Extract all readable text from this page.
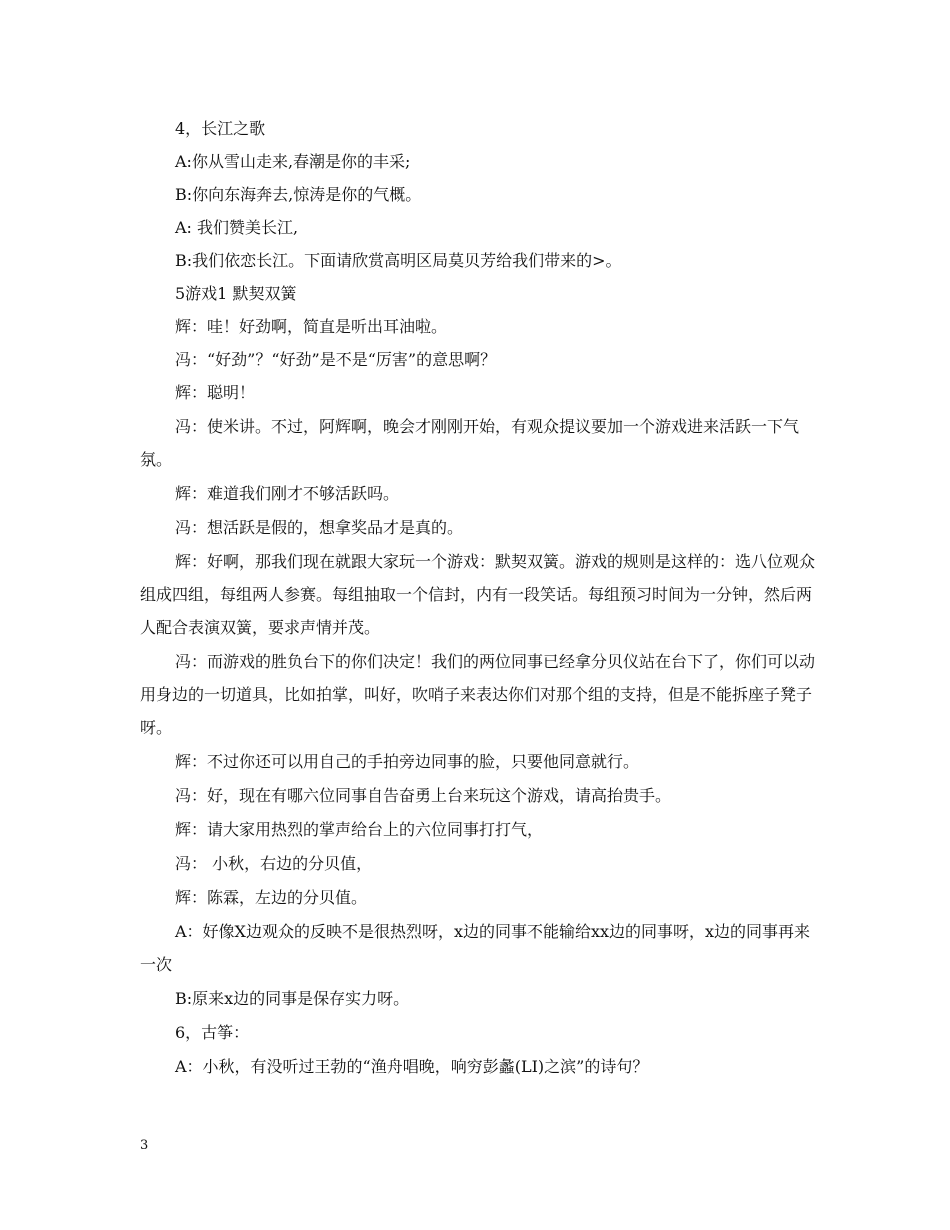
4，长江之歌
A:你从雪山走来,春潮是你的丰采;
B:你向东海奔去,惊涛是你的气概。
A: 我们赞美长江,
B:我们依恋长江。下面请欣赏高明区局莫贝芳给我们带来的>。
5游戏1 默契双簧
辉：哇！好劲啊，简直是听出耳油啦。
冯：“好劲”？“好劲”是不是“厉害”的意思啊？
辉：聪明！
冯：使米讲。不过，阿辉啊，晚会才刚刚开始，有观众提议要加一个游戏进来活跃一下气氛。
辉：难道我们刚才不够活跃吗。
冯：想活跃是假的，想拿奖品才是真的。
辉：好啊，那我们现在就跟大家玩一个游戏：默契双簧。游戏的规则是这样的：选八位观众组成四组，每组两人参赛。每组抽取一个信封，内有一段笑话。每组预习时间为一分钟，然后两人配合表演双簧，要求声情并茂。
冯：而游戏的胜负台下的你们决定！我们的两位同事已经拿分贝仪站在台下了，你们可以动用身边的一切道具，比如拍掌，叫好，吹哨子来表达你们对那个组的支持，但是不能拆座子凳子呀。
辉：不过你还可以用自己的手拍旁边同事的脸，只要他同意就行。
冯：好，现在有哪六位同事自告奋勇上台来玩这个游戏，请高抬贵手。
辉：请大家用热烈的掌声给台上的六位同事打打气，
冯： 小秋，右边的分贝值，
辉：陈霖，左边的分贝值。
A：好像X边观众的反映不是很热烈呀，x边的同事不能输给xx边的同事呀，x边的同事再来一次
B:原来x边的同事是保存实力呀。
6，古筝：
A：小秋，有没听过王勃的“渔舟唱晚，响穷彭蠡(LI)之滨”的诗句？
3
